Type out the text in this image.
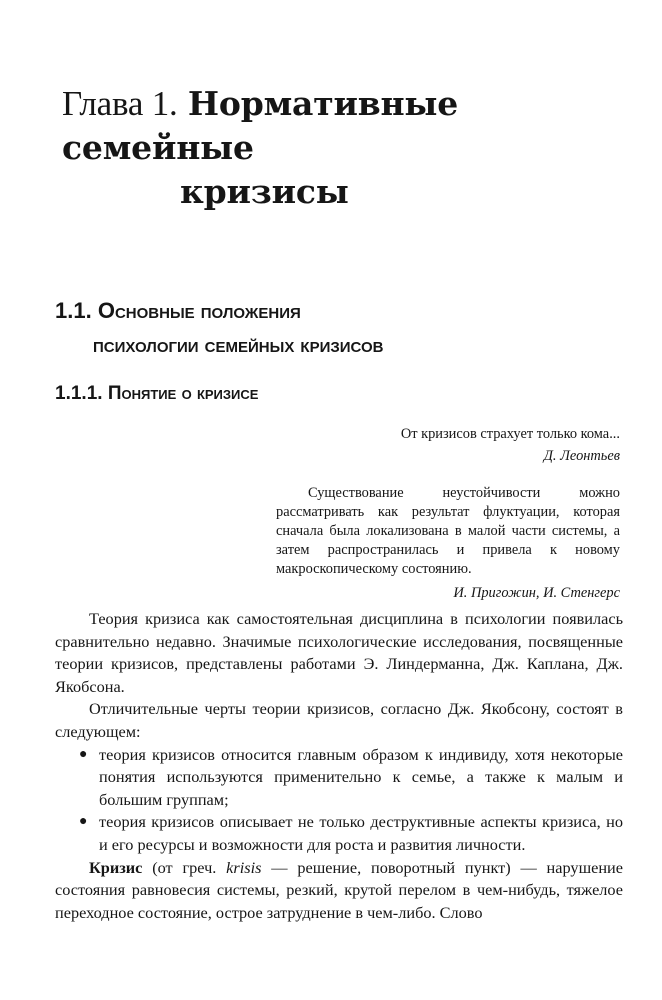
Глава 1. Нормативные семейные
кризисы
1.1. Основные положения
психологии семейных кризисов
1.1.1. Понятие о кризисе
От кризисов страхует только кома...
Д. Леонтьев
Существование неустойчивости можно рассматривать как результат флуктуации, которая сначала была локализована в малой части системы, а затем распространилась и привела к новому макроскопическому состоянию.
И. Пригожин, И. Стенгерс

Теория кризиса как самостоятельная дисциплина в психологии появилась сравнительно недавно. Значимые психологические исследования, посвященные теории кризисов, представлены работами Э. Линдерманна, Дж. Каплана, Дж. Якобсона.

Отличительные черты теории кризисов, согласно Дж. Якобсону, состоят в следующем:

● теория кризисов относится главным образом к индивиду, хотя некоторые понятия используются применительно к семье, а также к малым и большим группам;
● теория кризисов описывает не только деструктивные аспекты кризиса, но и его ресурсы и возможности для роста и развития личности.

Кризис (от греч. krisis — решение, поворотный пункт) — нарушение состояния равновесия системы, резкий, крутой перелом в чем-нибудь, тяжелое переходное состояние, острое затруднение в чем-либо. Слово
